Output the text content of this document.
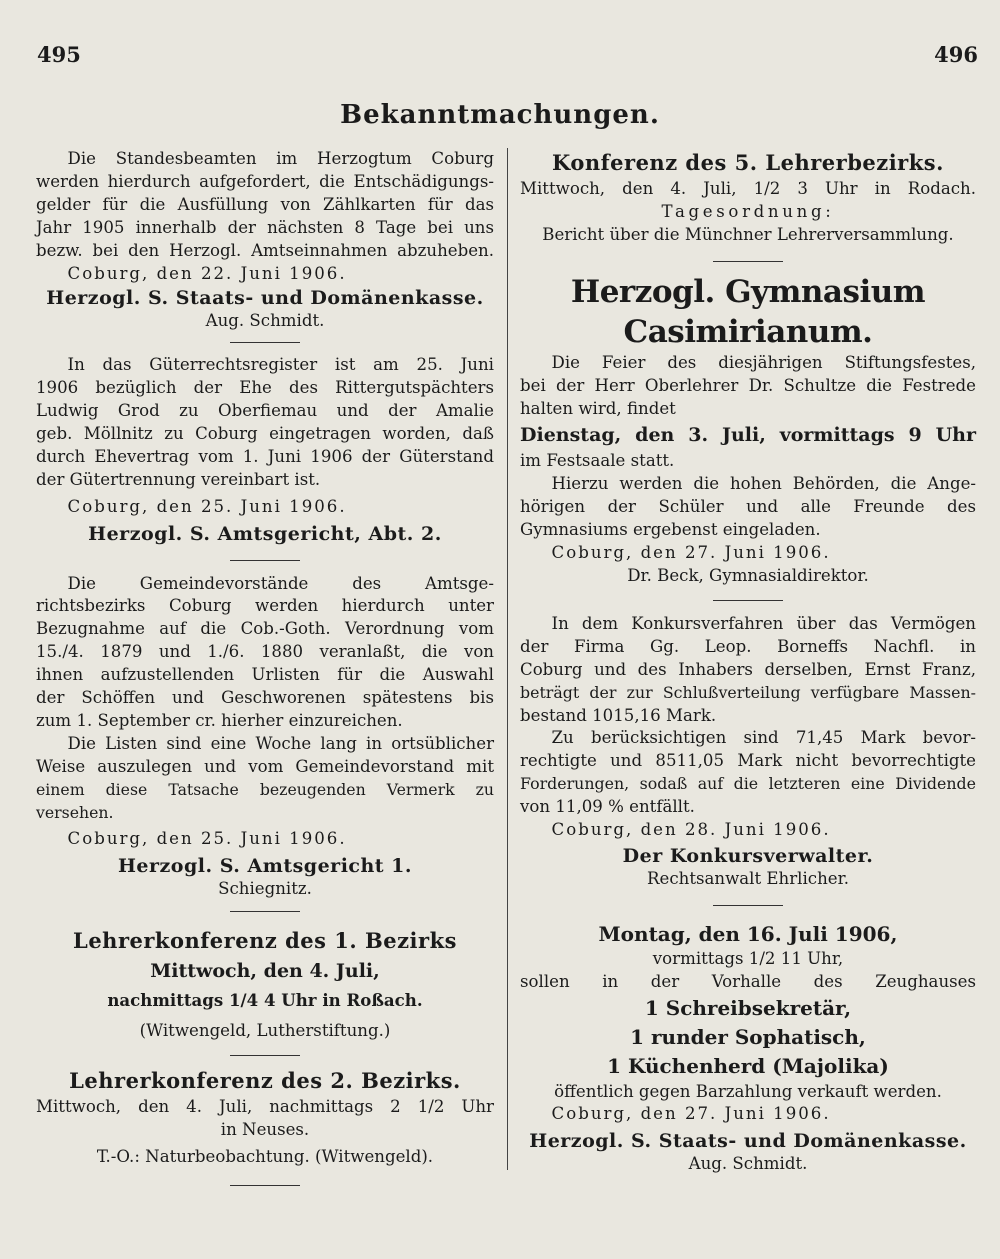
495	496
Bekanntmachungen.

Die Standesbeamten im Herzogtum Coburg

werden hierdurch aufgefordert, die Entschädigungs-

gelder für die Ausfüllung von Zählkarten für das

Jahr 1905 innerhalb der nächsten 8 Tage bei uns

bezw. bei den Herzogl. Amtseinnahmen abzuheben.

Coburg, den 22. Juni 1906.

Herzogl. S. Staats- und Domänenkasse.

Aug. Schmidt.

In das Güterrechtsregister ist am 25. Juni

1906 bezüglich der Ehe des Rittergutspächters

Ludwig Grod zu Oberfiemau und der Amalie

geb. Möllnitz zu Coburg eingetragen worden, daß

durch Ehevertrag vom 1. Juni 1906 der Güterstand

der Gütertrennung vereinbart ist.

Coburg, den 25. Juni 1906.

Herzogl. S. Amtsgericht, Abt. 2.

Die Gemeindevorstände des Amtsge-

richtsbezirks Coburg werden hierdurch unter

Bezugnahme auf die Cob.-Goth. Verordnung vom

15./4. 1879 und 1./6. 1880 veranlaßt, die von

ihnen aufzustellenden Urlisten für die Auswahl

der Schöffen und Geschworenen spätestens bis

zum 1. September cr. hierher einzureichen.

Die Listen sind eine Woche lang in ortsüblicher

Weise auszulegen und vom Gemeindevorstand mit

einem diese Tatsache bezeugenden Vermerk zu versehen.

Coburg, den 25. Juni 1906.

Herzogl. S. Amtsgericht 1.

Schiegnitz.

Lehrerkonferenz des 1. Bezirks

Mittwoch, den 4. Juli,

nachmittags 1/4 4 Uhr in Roßach.

(Witwengeld, Lutherstiftung.)

Lehrerkonferenz des 2. Bezirks.

Mittwoch, den 4. Juli, nachmittags 2 1/2 Uhr

in Neuses.

T.-O.: Naturbeobachtung. (Witwengeld).

Konferenz des 5. Lehrerbezirks.

Mittwoch, den 4. Juli, 1/2 3 Uhr in Rodach.

Tagesordnung:

Bericht über die Münchner Lehrerversammlung.

Herzogl. Gymnasium Casimirianum.

Die Feier des diesjährigen Stiftungsfestes,

bei der Herr Oberlehrer Dr. Schultze die Festrede

halten wird, findet

Dienstag, den 3. Juli, vormittags 9 Uhr

im Festsaale statt.

Hierzu werden die hohen Behörden, die Ange-

hörigen der Schüler und alle Freunde des

Gymnasiums ergebenst eingeladen.

Coburg, den 27. Juni 1906.

Dr. Beck, Gymnasialdirektor.

In dem Konkursverfahren über das Vermögen

der Firma Gg. Leop. Borneffs Nachfl. in

Coburg und des Inhabers derselben, Ernst Franz,

beträgt der zur Schlußverteilung verfügbare Massen-

bestand 1015,16 Mark.

Zu berücksichtigen sind 71,45 Mark bevor-

rechtigte und 8511,05 Mark nicht bevorrechtigte

Forderungen, sodaß auf die letzteren eine Dividende

von 11,09 % entfällt.

Coburg, den 28. Juni 1906.

Der Konkursverwalter.

Rechtsanwalt Ehrlicher.

Montag, den 16. Juli 1906,

vormittags 1/2 11 Uhr,

sollen in der Vorhalle des Zeughauses

1 Schreibsekretär,

1 runder Sophatisch,

1 Küchenherd (Majolika)

öffentlich gegen Barzahlung verkauft werden.

Coburg, den 27. Juni 1906.

Herzogl. S. Staats- und Domänenkasse.

Aug. Schmidt.
